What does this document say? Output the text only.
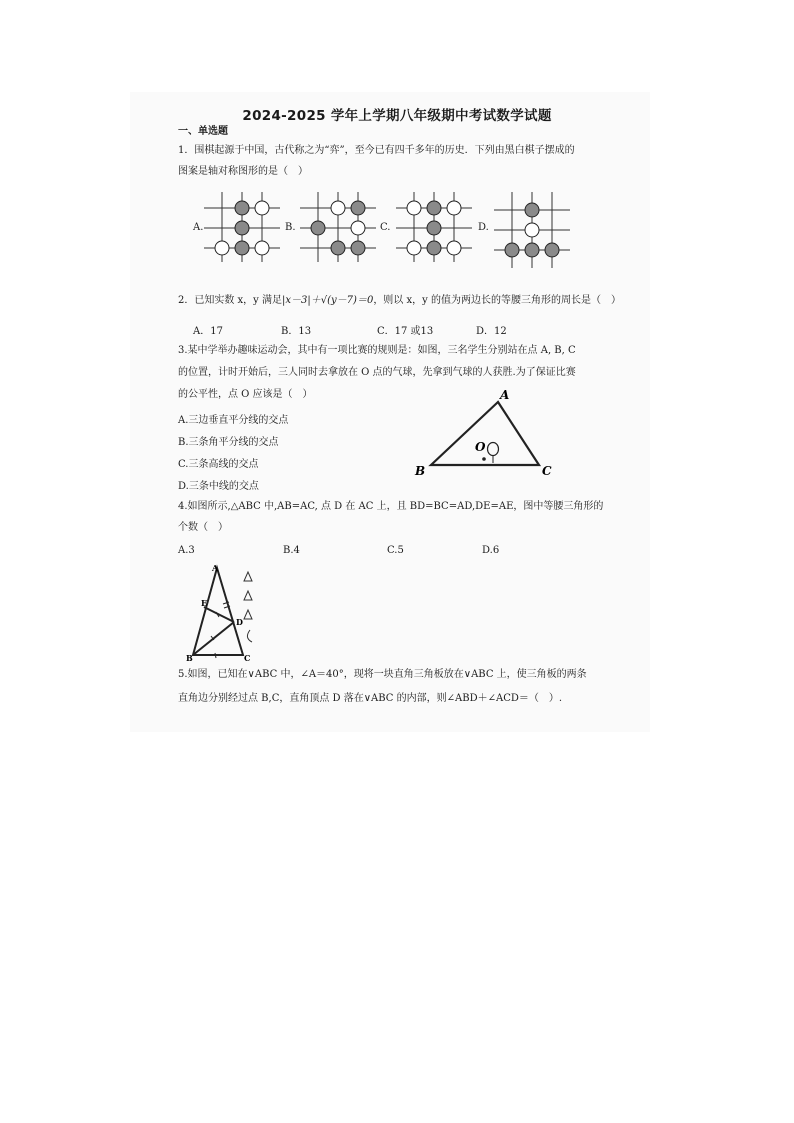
2024-2025 学年上学期八年级期中考试数学试题
一、单选题
1．围棋起源于中国，古代称之为“弈”，至今已有四千多年的历史．下列由黑白棋子摆成的
图案是轴对称图形的是（　）
A.	B.	C.	D.
2．已知实数 x，y 满足|x－3|＋√(y－7)＝0，则以 x，y 的值为两边长的等腰三角形的周长是（　）
A．17	B．13	C．17 或13	D．12
3.某中学举办趣味运动会，其中有一项比赛的规则是：如图，三名学生分别站在点 A, B, C
的位置，计时开始后，三人同时去拿放在 O 点的气球，先拿到气球的人获胜.为了保证比赛
的公平性，点 O 应该是（　）
A.三边垂直平分线的交点
B.三条角平分线的交点
C.三条高线的交点
D.三条中线的交点
A
B	C
O
4.如图所示,△ABC 中,AB=AC, 点 D 在 AC 上，且 BD=BC=AD,DE=AE，图中等腰三角形的
个数（　）
A.3	B.4	C.5	D.6
A
E
D
B	C
5.如图，已知在∨ABC 中，∠A＝40°，现将一块直角三角板放在∨ABC 上，使三角板的两条
直角边分别经过点 B,C，直角顶点 D 落在∨ABC 的内部，则∠ABD＋∠ACD＝（　）.
